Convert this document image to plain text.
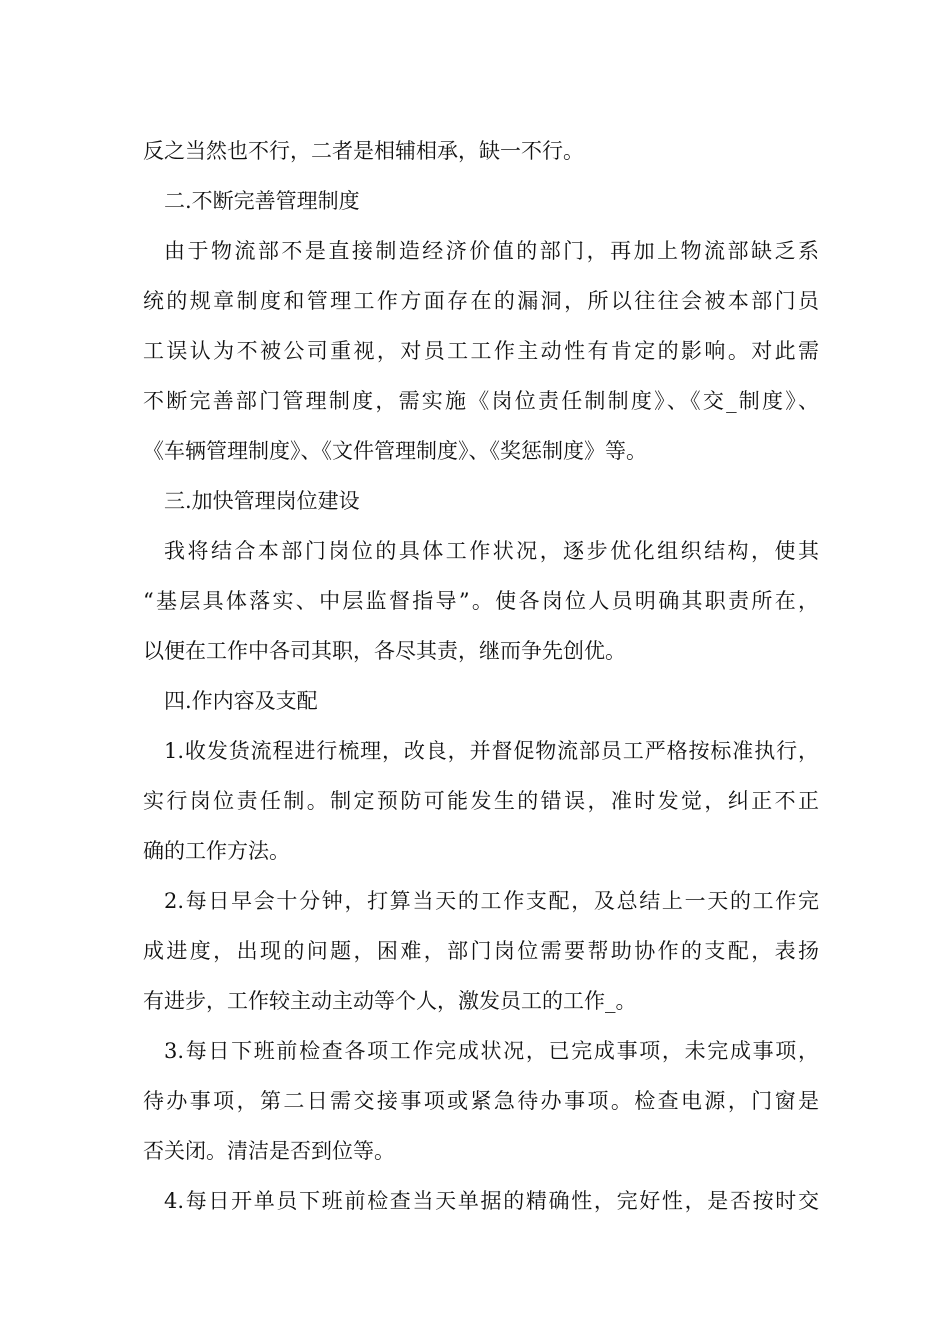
反之当然也不行，二者是相辅相承，缺一不行。
二.不断完善管理制度
由于物流部不是直接制造经济价值的部门，再加上物流部缺乏系
统的规章制度和管理工作方面存在的漏洞，所以往往会被本部门员
工误认为不被公司重视，对员工工作主动性有肯定的影响。对此需
不断完善部门管理制度，需实施《岗位责任制制度》、《交_制度》、
《车辆管理制度》、《文件管理制度》、《奖惩制度》等。
三.加快管理岗位建设
我将结合本部门岗位的具体工作状况，逐步优化组织结构，使其
“基层具体落实、中层监督指导”。使各岗位人员明确其职责所在，
以便在工作中各司其职，各尽其责，继而争先创优。
四.作内容及支配
1.收发货流程进行梳理，改良，并督促物流部员工严格按标准执行，
实行岗位责任制。制定预防可能发生的错误，准时发觉，纠正不正
确的工作方法。
2.每日早会十分钟，打算当天的工作支配，及总结上一天的工作完
成进度，出现的问题，困难，部门岗位需要帮助协作的支配，表扬
有进步，工作较主动主动等个人，激发员工的工作_。
3.每日下班前检查各项工作完成状况，已完成事项，未完成事项，
待办事项，第二日需交接事项或紧急待办事项。检查电源，门窗是
否关闭。清洁是否到位等。
4.每日开单员下班前检查当天单据的精确性，完好性，是否按时交
